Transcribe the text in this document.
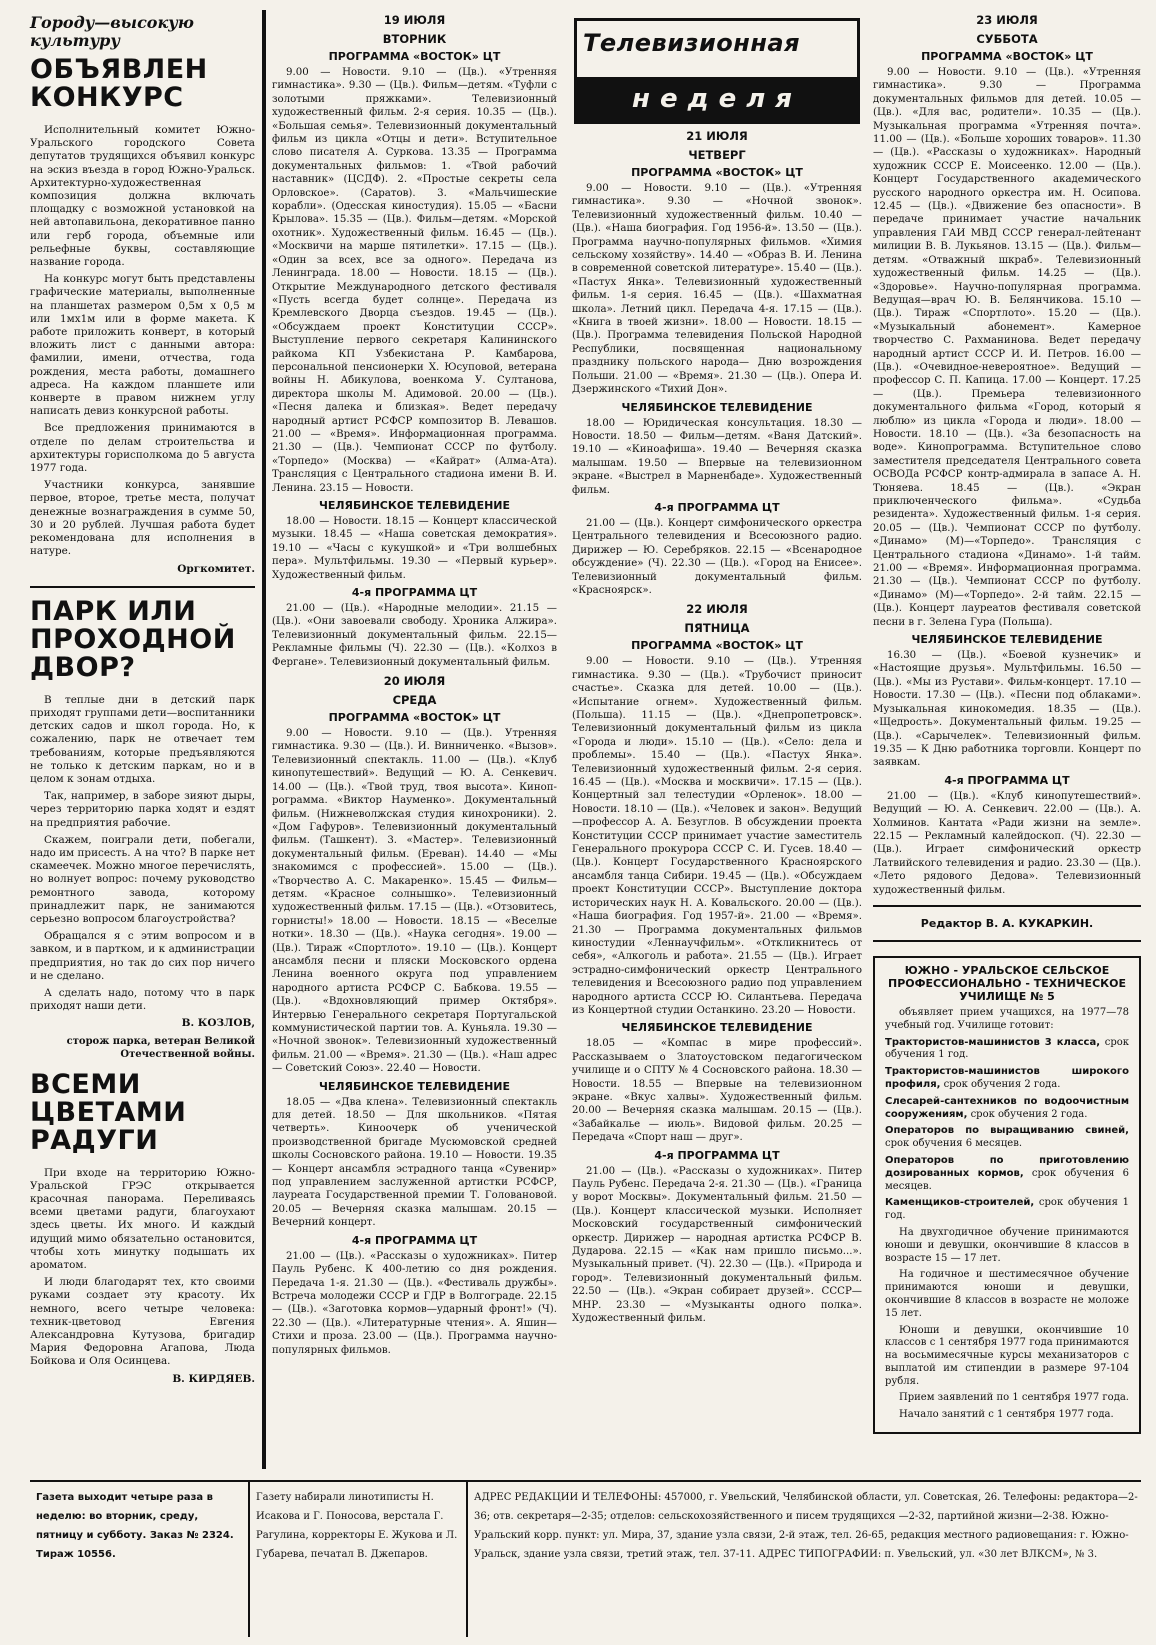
Городу—высокую культуру
ОБЪЯВЛЕН КОНКУРС

Исполнительный комитет Южно-Уральского городского Совета депутатов трудящихся объявил конкурс на эскиз въезда в город Южно-Уральск. Архитектурно-художественная композиция должна включать площадку с возможной установкой на ней автопавильона, декоративное панно или герб города, объемные или рельефные буквы, составляющие название города.

На конкурс могут быть представлены графические материалы, выполненные на планшетах размером 0,5м х 0,5 м или 1мх1м или в форме макета. К работе приложить конверт, в который вложить лист с данными автора: фамилии, имени, отчества, года рождения, места работы, домашнего адреса. На каждом планшете или конверте в правом нижнем углу написать девиз конкурсной работы.

Все предложения принимаются в отделе по делам строительства и архитектуры горисполкома до 5 августа 1977 года.

Участники конкурса, занявшие первое, второе, третье места, получат денежные вознаграждения в сумме 50, 30 и 20 рублей. Лучшая работа будет рекомендована для исполнения в натуре.

Оргкомитет.

ПАРК ИЛИ ПРОХОДНОЙ ДВОР?

В теплые дни в детский парк приходят группами дети—воспитанники детских садов и школ города. Но, к сожалению, парк не отвечает тем требованиям, которые предъявляются не только к детским паркам, но и в целом к зонам отдыха.

Так, например, в заборе зияют дыры, через территорию парка ходят и ездят на предприятия рабочие.

Скажем, поиграли дети, побегали, надо им присесть. А на что? В парке нет скамеечек. Можно многое перечислять, но волнует вопрос: почему руководство ремонтного завода, которому принадлежит парк, не занимаются серьезно вопросом благоустройства?

Обращался я с этим вопросом и в завком, и в партком, и к администрации предприятия, но так до сих пор ничего и не сделано.

А сделать надо, потому что в парк приходят наши дети.

В. КОЗЛОВ,

сторож парка, ветеран Великой Отечественной войны.
ВСЕМИ ЦВЕТАМИ РАДУГИ

При входе на территорию Южно-Уральской ГРЭС открывается красочная панорама. Переливаясь всеми цветами радуги, благоухают здесь цветы. Их много. И каждый идущий мимо обязательно остановится, чтобы хоть минутку подышать их ароматом.

И люди благодарят тех, кто своими руками создает эту красоту. Их немного, всего четыре человека: техник-цветовод Евгения Александровна Кутузова, бригадир Мария Федоровна Агапова, Люда Бойкова и Оля Осинцева.

В. КИРДЯЕВ.

19 ИЮЛЯ
ВТОРНИК
ПРОГРАММА «ВОСТОК» ЦТ

9.00 — Новости. 9.10 — (Цв.). «Утренняя гимнастика». 9.30 — (Цв.). Фильм—детям. «Туфли с золотыми пряжками». Телевизионный художественный фильм. 2-я серия. 10.35 — (Цв.). «Большая семья». Телевизионный документальный фильм из цикла «Отцы и дети». Вступительное слово писателя А. Суркова. 13.35 — Программа документальных фильмов: 1. «Твой рабочий наставник» (ЦСДФ). 2. «Простые секреты села Орловское». (Саратов). 3. «Мальчишеские корабли». (Одесская киностудия). 15.05 — «Басни Крылова». 15.35 — (Цв.). Фильм—детям. «Морской охотник». Художественный фильм. 16.45 — (Цв.). «Москвичи на марше пятилетки». 17.15 — (Цв.). «Один за всех, все за одного». Передача из Ленинграда. 18.00 — Новости. 18.15 — (Цв.). Открытие Международного детского фестиваля «Пусть всегда будет солнце». Передача из Кремлевского Дворца съездов. 19.45 — (Цв.). «Обсуждаем проект Конституции СССР». Выступление первого секретаря Калининского райкома КП Узбекистана Р. Камбарова, персональной пенсионерки Х. Юсуповой, ветерана войны Н. Абикулова, военкома У. Султанова, директора школы М. Адимовой. 20.00 — (Цв.). «Песня далека и близкая». Ведет передачу народный артист РСФСР композитор В. Левашов. 21.00 — «Время». Информационная программа. 21.30 — (Цв.). Чемпионат СССР по футболу. «Торпедо» (Москва) — «Кайрат» (Алма-Ата). Трансляция с Центрального стадиона имени В. И. Ленина. 23.15 — Новости.

ЧЕЛЯБИНСКОЕ ТЕЛЕВИДЕНИЕ

18.00 — Новости. 18.15 — Концерт классической музыки. 18.45 — «Наша советская демократия». 19.10 — «Часы с кукушкой» и «Три волшебных пера». Мультфильмы. 19.30 — «Первый курьер». Художественный фильм.

4-я ПРОГРАММА ЦТ

21.00 — (Цв.). «Народные мелодии». 21.15 — (Цв.). «Они завоевали свободу. Хроника Алжира». Телевизионный документальный фильм. 22.15— Рекламные фильмы (Ч). 22.30 — (Цв.). «Колхоз в Фергане». Телевизионный документальный фильм.

20 ИЮЛЯ
СРЕДА
ПРОГРАММА «ВОСТОК» ЦТ

9.00 — Новости. 9.10 — (Цв.). Утренняя гимнастика. 9.30 — (Цв.). И. Винниченко. «Вызов». Телевизионный спектакль. 11.00 — (Цв.). «Клуб кинопутешествий». Ведущий — Ю. А. Сенкевич. 14.00 — (Цв.). «Твой труд, твоя высота». Кинопрограмма. «Виктор Науменко». Документальный фильм. (Нижневолжская студия кинохроники). 2. «Дом Гафуров». Телевизионный документальный фильм. (Ташкент). 3. «Мастер». Телевизионный документальный фильм. (Ереван). 14.40 — «Мы знакомимся с профессией». 15.00 — (Цв.). «Творчество А. С. Макаренко». 15.45 — Фильм—детям. «Красное солнышко». Телевизионный художественный фильм. 17.15 — (Цв.). «Отзовитесь, горнисты!» 18.00 — Новости. 18.15 — «Веселые нотки». 18.30 — (Цв.). «Наука сегодня». 19.00 — (Цв.). Тираж «Спортлото». 19.10 — (Цв.). Концерт ансамбля песни и пляски Московского ордена Ленина военного округа под управлением народного артиста РСФСР С. Бабкова. 19.55 — (Цв.). «Вдохновляющий пример Октября». Интервью Генерального секретаря Португальской коммунистической партии тов. А. Куньяла. 19.30 — «Ночной звонок». Телевизионный художественный фильм. 21.00 — «Время». 21.30 — (Цв.). «Наш адрес — Советский Союз». 22.40 — Новости.

ЧЕЛЯБИНСКОЕ ТЕЛЕВИДЕНИЕ

18.05 — «Два клена». Телевизионный спектакль для детей. 18.50 — Для школьников. «Пятая четверть». Киноочерк об ученической производственной бригаде Мусюмовской средней школы Сосновского района. 19.10 — Новости. 19.35 — Концерт ансамбля эстрадного танца «Сувенир» под управлением заслуженной артистки РСФСР, лауреата Государственной премии Т. Головановой. 20.05 — Вечерняя сказка малышам. 20.15 — Вечерний концерт.

4-я ПРОГРАММА ЦТ

21.00 — (Цв.). «Рассказы о художниках». Питер Пауль Рубенс. К 400-летию со дня рождения. Передача 1-я. 21.30 — (Цв.). «Фестиваль дружбы». Встреча молодежи СССР и ГДР в Волгограде. 22.15 — (Цв.). «Заготовка кормов—ударный фронт!» (Ч). 22.30 — (Цв.). «Литературные чтения». А. Яшин—Стихи и проза. 23.00 — (Цв.). Программа научно-популярных фильмов.

Телевизионная
неделя
21 ИЮЛЯ
ЧЕТВЕРГ
ПРОГРАММА «ВОСТОК» ЦТ

9.00 — Новости. 9.10 — (Цв.). «Утренняя гимнастика». 9.30 — «Ночной звонок». Телевизионный художественный фильм. 10.40 — (Цв.). «Наша биография. Год 1956-й». 13.50 — (Цв.). Программа научно-популярных фильмов. «Химия сельскому хозяйству». 14.40 — «Образ В. И. Ленина в современной советской литературе». 15.40 — (Цв.). «Пастух Янка». Телевизионный художественный фильм. 1-я серия. 16.45 — (Цв.). «Шахматная школа». Летний цикл. Передача 4-я. 17.15 — (Цв.). «Книга в твоей жизни». 18.00 — Новости. 18.15 — (Цв.). Программа телевидения Польской Народной Республики, посвященная национальному празднику польского народа— Дню возрождения Польши. 21.00 — «Время». 21.30 — (Цв.). Опера И. Дзержинского «Тихий Дон».

ЧЕЛЯБИНСКОЕ ТЕЛЕВИДЕНИЕ

18.00 — Юридическая консультация. 18.30 — Новости. 18.50 — Фильм—детям. «Ваня Датский». 19.10 — «Киноафиша». 19.40 — Вечерняя сказка малышам. 19.50 — Впервые на телевизионном экране. «Выстрел в Марненбаде». Художественный фильм.

4-я ПРОГРАММА ЦТ

21.00 — (Цв.). Концерт симфонического оркестра Центрального телевидения и Всесоюзного радио. Дирижер — Ю. Серебряков. 22.15 — «Всенародное обсуждение» (Ч). 22.30 — (Цв.). «Город на Енисее». Телевизионный документальный фильм. «Красноярск».

22 ИЮЛЯ
ПЯТНИЦА
ПРОГРАММА «ВОСТОК» ЦТ

9.00 — Новости. 9.10 — (Цв.). Утренняя гимнастика. 9.30 — (Цв.). «Трубочист приносит счастье». Сказка для детей. 10.00 — (Цв.). «Испытание огнем». Художественный фильм. (Польша). 11.15 — (Цв.). «Днепропетровск». Телевизионный документальный фильм из цикла «Города и люди». 15.10 — (Цв.). «Село: дела и проблемы». 15.40 — (Цв.). «Пастух Янка». Телевизионный художественный фильм. 2-я серия. 16.45 — (Цв.). «Москва и москвичи». 17.15 — (Цв.). Концертный зал телестудии «Орленок». 18.00 — Новости. 18.10 — (Цв.). «Человек и закон». Ведущий—профессор А. А. Безуглов. В обсуждении проекта Конституции СССР принимает участие заместитель Генерального прокурора СССР С. И. Гусев. 18.40 — (Цв.). Концерт Государственного Красноярского ансамбля танца Сибири. 19.45 — (Цв.). «Обсуждаем проект Конституции СССР». Выступление доктора исторических наук Н. А. Ковальского. 20.00 — (Цв.). «Наша биография. Год 1957-й». 21.00 — «Время». 21.30 — Программа документальных фильмов киностудии «Леннаучфильм». «Откликнитесь от себя», «Алкоголь и работа». 21.55 — (Цв.). Играет эстрадно-симфонический оркестр Центрального телевидения и Всесоюзного радио под управлением народного артиста СССР Ю. Силантьева. Передача из Концертной студии Останкино. 23.20 — Новости.

ЧЕЛЯБИНСКОЕ ТЕЛЕВИДЕНИЕ

18.05 — «Компас в мире профессий». Рассказываем о Златоустовском педагогическом училище и о СПТУ № 4 Сосновского района. 18.30 — Новости. 18.55 — Впервые на телевизионном экране. «Вкус халвы». Художественный фильм. 20.00 — Вечерняя сказка малышам. 20.15 — (Цв.). «Забайкалье — июль». Видовой фильм. 20.25 — Передача «Спорт наш — друг».

4-я ПРОГРАММА ЦТ

21.00 — (Цв.). «Рассказы о художниках». Питер Пауль Рубенс. Передача 2-я. 21.30 — (Цв.). «Граница у ворот Москвы». Документальный фильм. 21.50 — (Цв.). Концерт классической музыки. Исполняет Московский государственный симфонический оркестр. Дирижер — народная артистка РСФСР В. Дударова. 22.15 — «Как нам пришло письмо...». Музыкальный привет. (Ч). 22.30 — (Цв.). «Природа и город». Телевизионный документальный фильм. 22.50 — (Цв.). «Экран собирает друзей». СССР—МНР. 23.30 — «Музыканты одного полка». Художественный фильм.

23 ИЮЛЯ
СУББОТА
ПРОГРАММА «ВОСТОК» ЦТ

9.00 — Новости. 9.10 — (Цв.). «Утренняя гимнастика». 9.30 — Программа документальных фильмов для детей. 10.05 — (Цв.). «Для вас, родители». 10.35 — (Цв.). Музыкальная программа «Утренняя почта». 11.00 — (Цв.). «Больше хороших товаров». 11.30 — (Цв.). «Рассказы о художниках». Народный художник СССР Е. Моисеенко. 12.00 — (Цв.). Концерт Государственного академического русского народного оркестра им. Н. Осипова. 12.45 — (Цв.). «Движение без опасности». В передаче принимает участие начальник управления ГАИ МВД СССР генерал-лейтенант милиции В. В. Лукьянов. 13.15 — (Цв.). Фильм—детям. «Отважный шкраб». Телевизионный художественный фильм. 14.25 — (Цв.). «Здоровье». Научно-популярная программа. Ведущая—врач Ю. В. Белянчикова. 15.10 — (Цв.). Тираж «Спортлото». 15.20 — (Цв.). «Музыкальный абонемент». Камерное творчество С. Рахманинова. Ведет передачу народный артист СССР И. И. Петров. 16.00 — (Цв.). «Очевидное-невероятное». Ведущий — профессор С. П. Капица. 17.00 — Концерт. 17.25 — (Цв.). Премьера телевизионного документального фильма «Город, который я люблю» из цикла «Города и люди». 18.00 — Новости. 18.10 — (Цв.). «За безопасность на воде». Кинопрограмма. Вступительное слово заместителя председателя Центрального совета ОСВОДа РСФСР контр-адмирала в запасе А. Н. Тюняева. 18.45 — (Цв.). «Экран приключенческого фильма». «Судьба резидента». Художественный фильм. 1-я серия. 20.05 — (Цв.). Чемпионат СССР по футболу. «Динамо» (М)—«Торпедо». Трансляция с Центрального стадиона «Динамо». 1-й тайм. 21.00 — «Время». Информационная программа. 21.30 — (Цв.). Чемпионат СССР по футболу. «Динамо» (М)—«Торпедо». 2-й тайм. 22.15 — (Цв.). Концерт лауреатов фестиваля советской песни в г. Зелена Гура (Польша).

ЧЕЛЯБИНСКОЕ ТЕЛЕВИДЕНИЕ

16.30 — (Цв.). «Боевой кузнечик» и «Настоящие друзья». Мультфильмы. 16.50 — (Цв.). «Мы из Рустави». Фильм-концерт. 17.10 — Новости. 17.30 — (Цв.). «Песни под облаками». Музыкальная кинокомедия. 18.35 — (Цв.). «Щедрость». Документальный фильм. 19.25 — (Цв.). «Сарычелек». Телевизионный фильм. 19.35 — К Дню работника торговли. Концерт по заявкам.

4-я ПРОГРАММА ЦТ

21.00 — (Цв.). «Клуб кинопутешествий». Ведущий — Ю. А. Сенкевич. 22.00 — (Цв.). А. Холминов. Кантата «Ради жизни на земле». 22.15 — Рекламный калейдоскоп. (Ч). 22.30 — (Цв.). Играет симфонический оркестр Латвийского телевидения и радио. 23.30 — (Цв.). «Лето рядового Дедова». Телевизионный художественный фильм.

Редактор В. А. КУКАРКИН.
ЮЖНО - УРАЛЬСКОЕ СЕЛЬСКОЕ ПРОФЕССИОНАЛЬНО - ТЕХНИЧЕСКОЕ УЧИЛИЩЕ № 5

объявляет прием учащихся, на 1977—78 учебный год. Училище готовит:

Трактористов-машинистов 3 класса, срок обучения 1 год.

Трактористов-машинистов широкого профиля, срок обучения 2 года.

Слесарей-сантехников по водоочистным сооружениям, срок обучения 2 года.

Операторов по выращиванию свиней, срок обучения 6 месяцев.

Операторов по приготовлению дозированных кормов, срок обучения 6 месяцев.

Каменщиков-строителей, срок обучения 1 год.

На двухгодичное обучение принимаются юноши и девушки, окончившие 8 классов в возрасте 15 — 17 лет.

На годичное и шестимесячное обучение принимаются юноши и девушки, окончившие 8 классов в возрасте не моложе 15 лет.

Юноши и девушки, окончившие 10 классов с 1 сентября 1977 года принимаются на восьмимесячные курсы механизаторов с выплатой им стипендии в размере 97-104 рубля.

Прием заявлений по 1 сентября 1977 года.

Начало занятий с 1 сентября 1977 года.

Газета выходит четыре раза в неделю: во вторник, среду, пятницу и субботу. Заказ № 2324. Тираж 10556.
Газету набирали линотиписты Н. Исакова и Г. Поносова, верстала Г. Рагулина, корректоры Е. Жукова и Л. Губарева, печатал В. Джепаров.
АДРЕС РЕДАКЦИИ И ТЕЛЕФОНЫ: 457000, г. Увельский, Челябинской области, ул. Советская, 26. Телефоны: редактора—2-36; отв. секретаря—2-35; отделов: сельскохозяйственного и писем трудящихся —2-32, партийной жизни—2-38. Южно-Уральский корр. пункт: ул. Мира, 37, здание узла связи, 2-й этаж, тел. 26-65, редакция местного радиовещания: г. Южно-Уральск, здание узла связи, третий этаж, тел. 37-11. АДРЕС ТИПОГРАФИИ: п. Увельский, ул. «30 лет ВЛКСМ», № 3.
